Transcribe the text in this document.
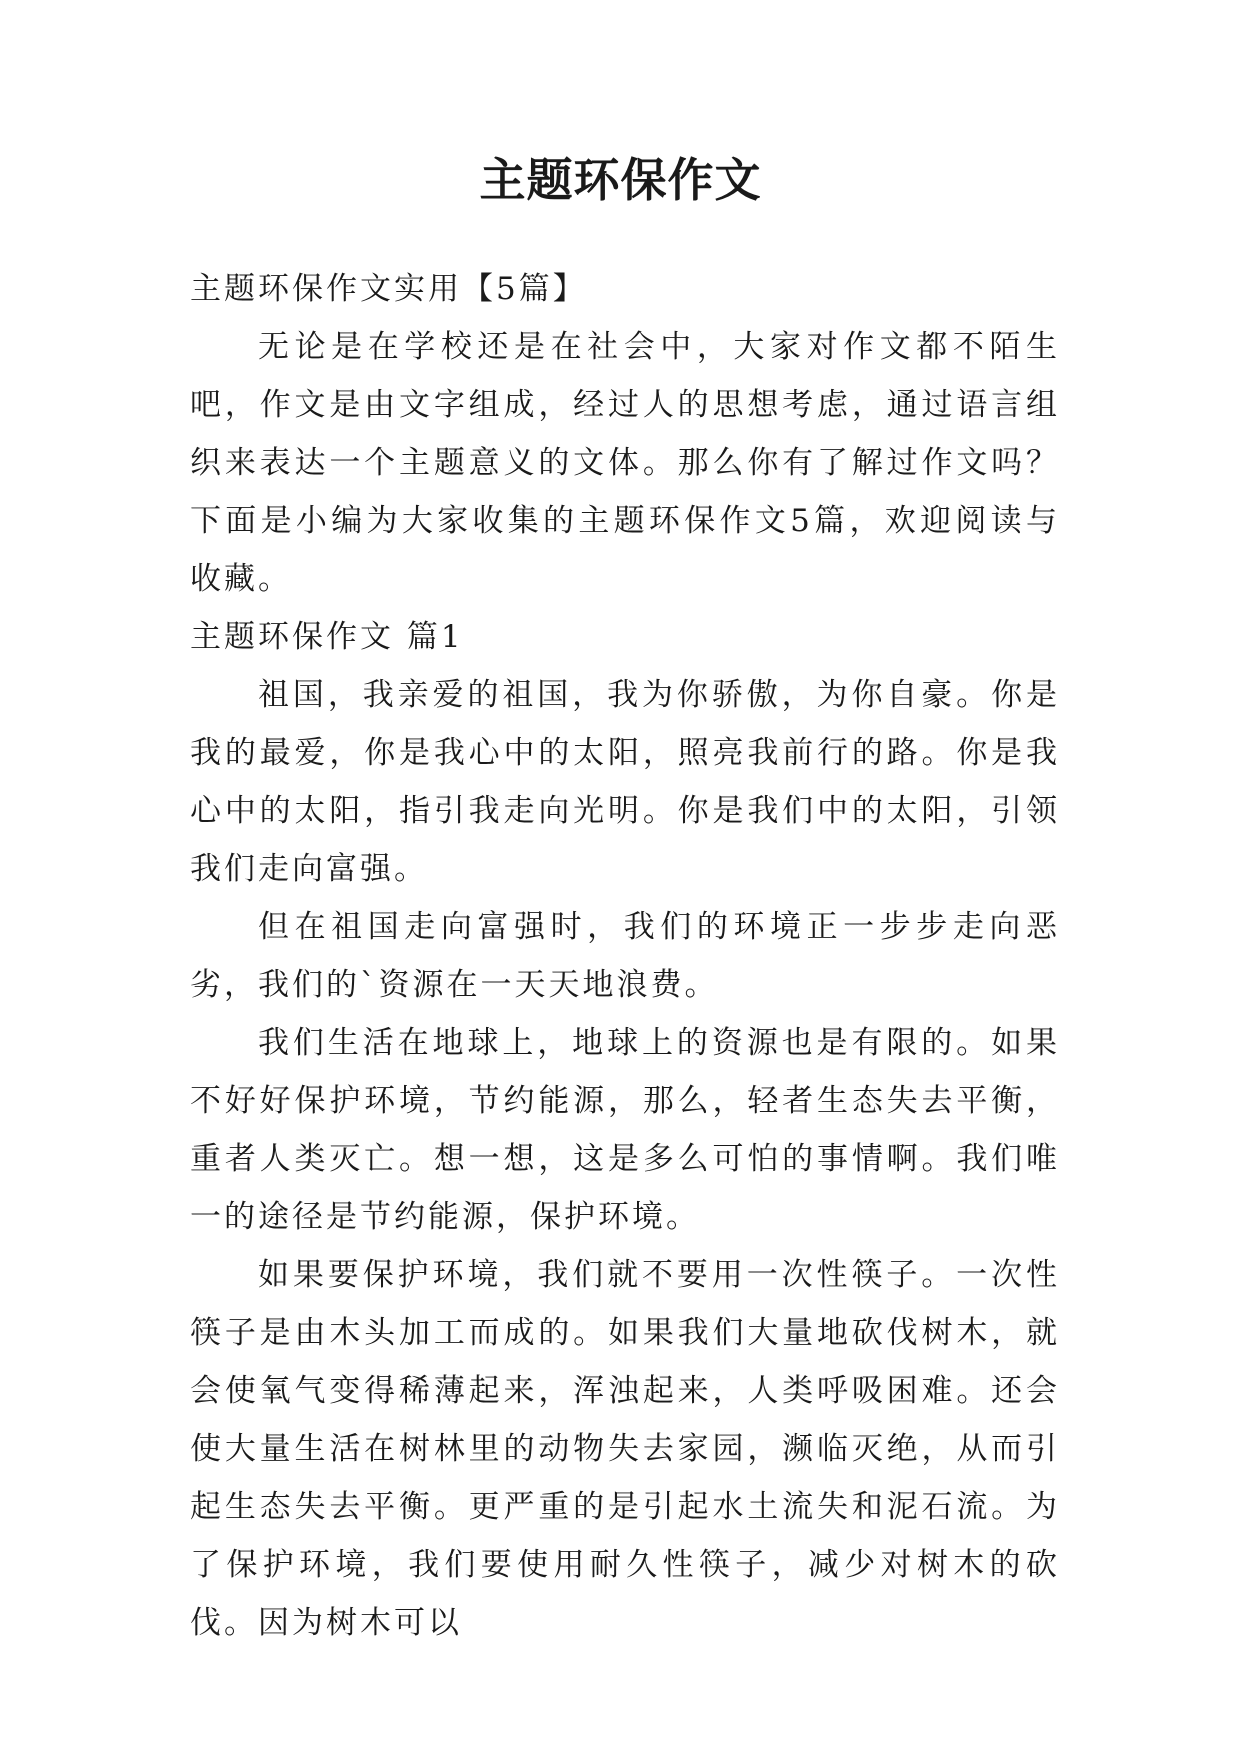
主题环保作文

主题环保作文实用【5篇】

无论是在学校还是在社会中，大家对作文都不陌生吧，作文是由文字组成，经过人的思想考虑，通过语言组织来表达一个主题意义的文体。那么你有了解过作文吗？下面是小编为大家收集的主题环保作文5篇，欢迎阅读与收藏。

主题环保作文 篇1

祖国，我亲爱的祖国，我为你骄傲，为你自豪。你是我的最爱，你是我心中的太阳，照亮我前行的路。你是我心中的太阳，指引我走向光明。你是我们中的太阳，引领我们走向富强。

但在祖国走向富强时，我们的环境正一步步走向恶劣，我们的`资源在一天天地浪费。

我们生活在地球上，地球上的资源也是有限的。如果不好好保护环境，节约能源，那么，轻者生态失去平衡，重者人类灭亡。想一想，这是多么可怕的事情啊。我们唯一的途径是节约能源，保护环境。

如果要保护环境，我们就不要用一次性筷子。一次性筷子是由木头加工而成的。如果我们大量地砍伐树木，就会使氧气变得稀薄起来，浑浊起来，人类呼吸困难。还会使大量生活在树林里的动物失去家园，濒临灭绝，从而引起生态失去平衡。更严重的是引起水土流失和泥石流。为了保护环境，我们要使用耐久性筷子，减少对树木的砍伐。因为树木可以
